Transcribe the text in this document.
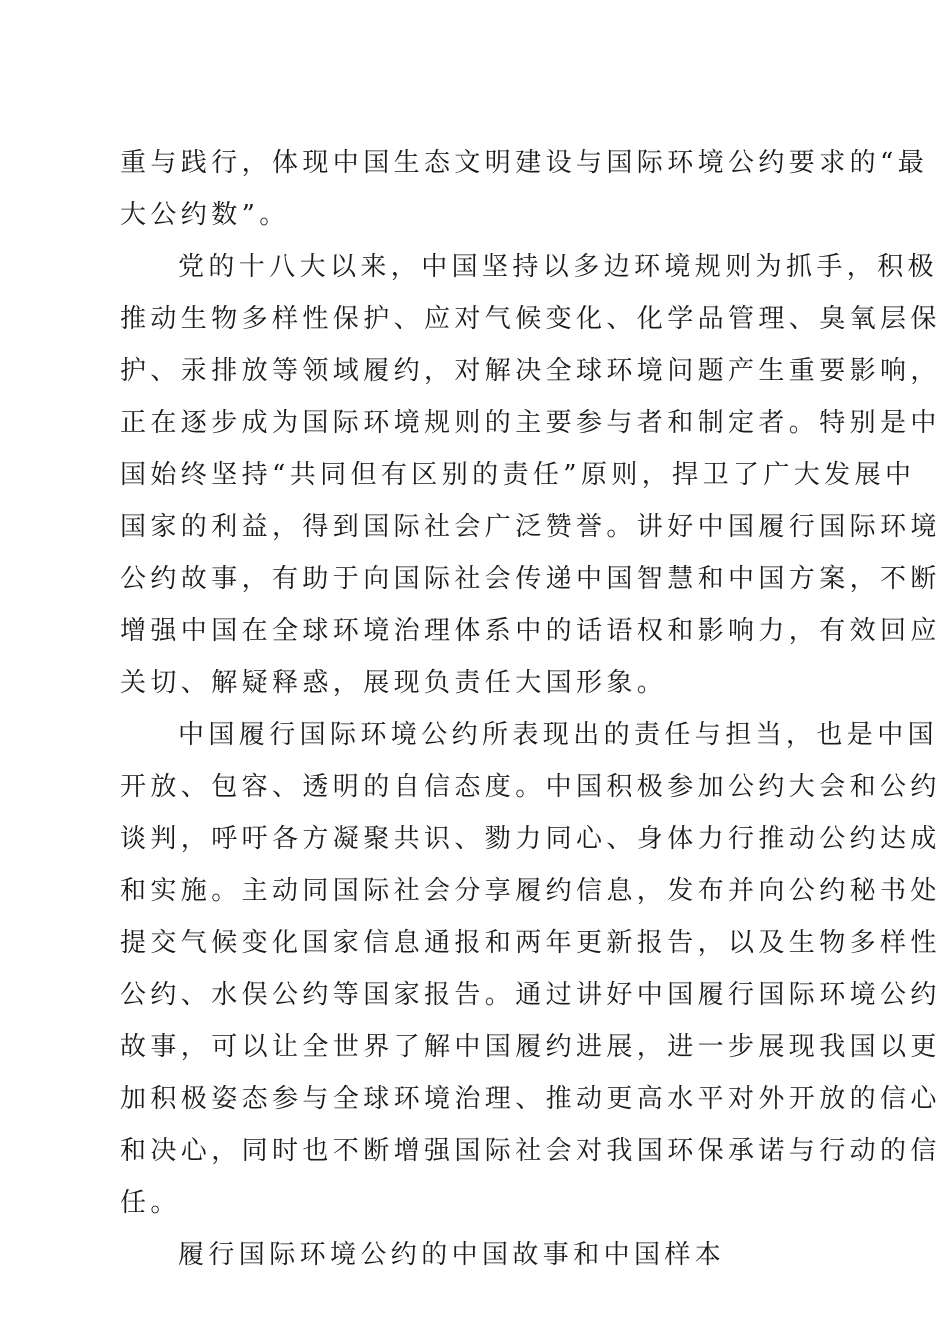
重与践行，体现中国生态文明建设与国际环境公约要求的“最
大公约数”。
党的十八大以来，中国坚持以多边环境规则为抓手，积极
推动生物多样性保护、应对气候变化、化学品管理、臭氧层保
护、汞排放等领域履约，对解决全球环境问题产生重要影响，
正在逐步成为国际环境规则的主要参与者和制定者。特别是中
国始终坚持“共同但有区别的责任”原则，捍卫了广大发展中
国家的利益，得到国际社会广泛赞誉。讲好中国履行国际环境
公约故事，有助于向国际社会传递中国智慧和中国方案，不断
增强中国在全球环境治理体系中的话语权和影响力，有效回应
关切、解疑释惑，展现负责任大国形象。
中国履行国际环境公约所表现出的责任与担当，也是中国
开放、包容、透明的自信态度。中国积极参加公约大会和公约
谈判，呼吁各方凝聚共识、勠力同心、身体力行推动公约达成
和实施。主动同国际社会分享履约信息，发布并向公约秘书处
提交气候变化国家信息通报和两年更新报告，以及生物多样性
公约、水俣公约等国家报告。通过讲好中国履行国际环境公约
故事，可以让全世界了解中国履约进展，进一步展现我国以更
加积极姿态参与全球环境治理、推动更高水平对外开放的信心
和决心，同时也不断增强国际社会对我国环保承诺与行动的信
任。
履行国际环境公约的中国故事和中国样本
